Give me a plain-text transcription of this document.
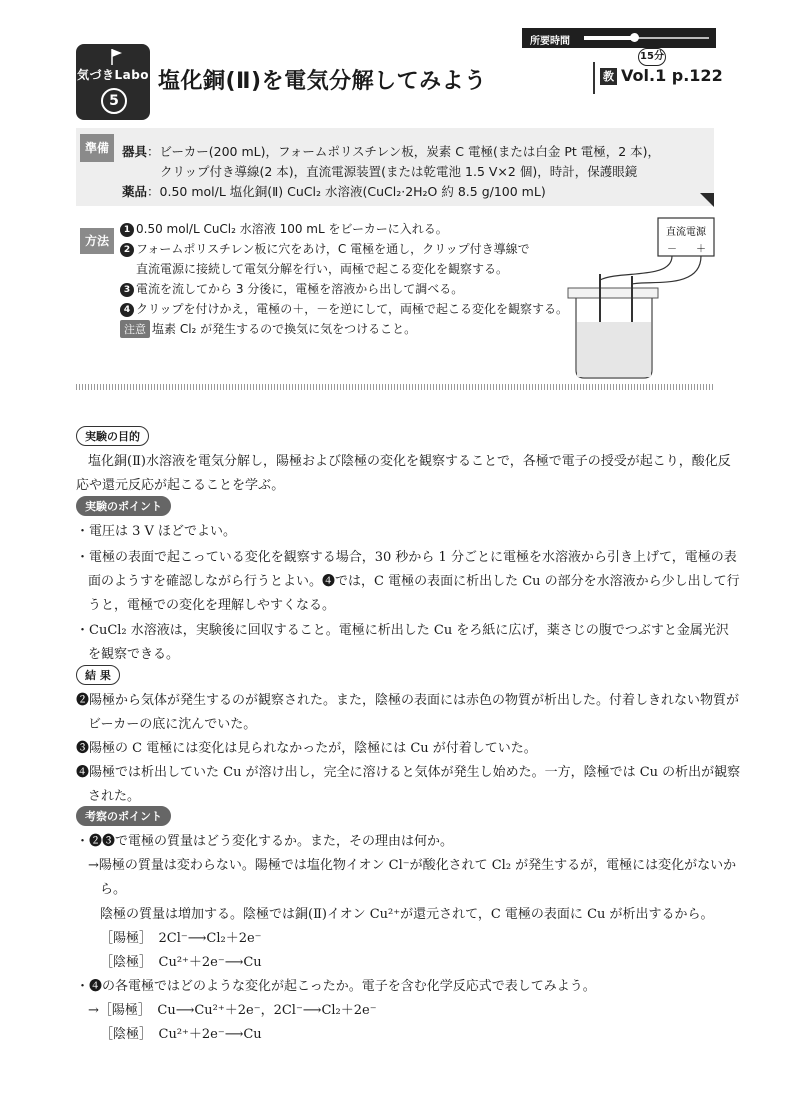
気づきLabo
5
塩化銅(Ⅱ)を電気分解してみよう
所要時間
15分
教 Vol.1 p.122
準備	器具：ビーカー(200 mL)，フォームポリスチレン板，炭素 C 電極(または白金 Pt 電極，2 本)，
クリップ付き導線(2 本)，直流電源装置(または乾電池 1.5 V×2 個)，時計，保護眼鏡
薬品：0.50 mol/L 塩化銅(Ⅱ) CuCl₂ 水溶液(CuCl₂·2H₂O 約 8.5 g/100 mL)
方法
1 0.50 mol/L CuCl₂ 水溶液 100 mL をビーカーに入れる。
2 フォームポリスチレン板に穴をあけ，C 電極を通し，クリップ付き導線で
直流電源に接続して電気分解を行い，両極で起こる変化を観察する。
3 電流を流してから 3 分後に，電極を溶液から出して調べる。
4 クリップを付けかえ，電極の＋，－を逆にして，両極で起こる変化を観察する。
注意 塩素 Cl₂ が発生するので換気に気をつけること。
直流電源
－ ＋
実験の目的
塩化銅(Ⅱ)水溶液を電気分解し，陽極および陰極の変化を観察することで，各極で電子の授受が起こり，酸化反
応や還元反応が起こることを学ぶ。
実験のポイント
・電圧は 3 V ほどでよい。
・電極の表面で起こっている変化を観察する場合，30 秒から 1 分ごとに電極を水溶液から引き上げて，電極の表
面のようすを確認しながら行うとよい。❹では，C 電極の表面に析出した Cu の部分を水溶液から少し出して行
うと，電極での変化を理解しやすくなる。
・CuCl₂ 水溶液は，実験後に回収すること。電極に析出した Cu をろ紙に広げ，薬さじの腹でつぶすと金属光沢
を観察できる。
結 果
❷陽極から気体が発生するのが観察された。また，陰極の表面には赤色の物質が析出した。付着しきれない物質が
ビーカーの底に沈んでいた。
❸陽極の C 電極には変化は見られなかったが，陰極には Cu が付着していた。
❹陽極では析出していた Cu が溶け出し，完全に溶けると気体が発生し始めた。一方，陰極では Cu の析出が観察
された。
考察のポイント
・❷❸で電極の質量はどう変化するか。また，その理由は何か。
→陽極の質量は変わらない。陽極では塩化物イオン Cl⁻が酸化されて Cl₂ が発生するが，電極には変化がないか
ら。
陰極の質量は増加する。陰極では銅(Ⅱ)イオン Cu²⁺が還元されて，C 電極の表面に Cu が析出するから。
［陽極］　2Cl⁻⟶Cl₂＋2e⁻
［陰極］　Cu²⁺＋2e⁻⟶Cu
・❹の各電極ではどのような変化が起こったか。電子を含む化学反応式で表してみよう。
→［陽極］　Cu⟶Cu²⁺＋2e⁻，2Cl⁻⟶Cl₂＋2e⁻
［陰極］　Cu²⁺＋2e⁻⟶Cu
